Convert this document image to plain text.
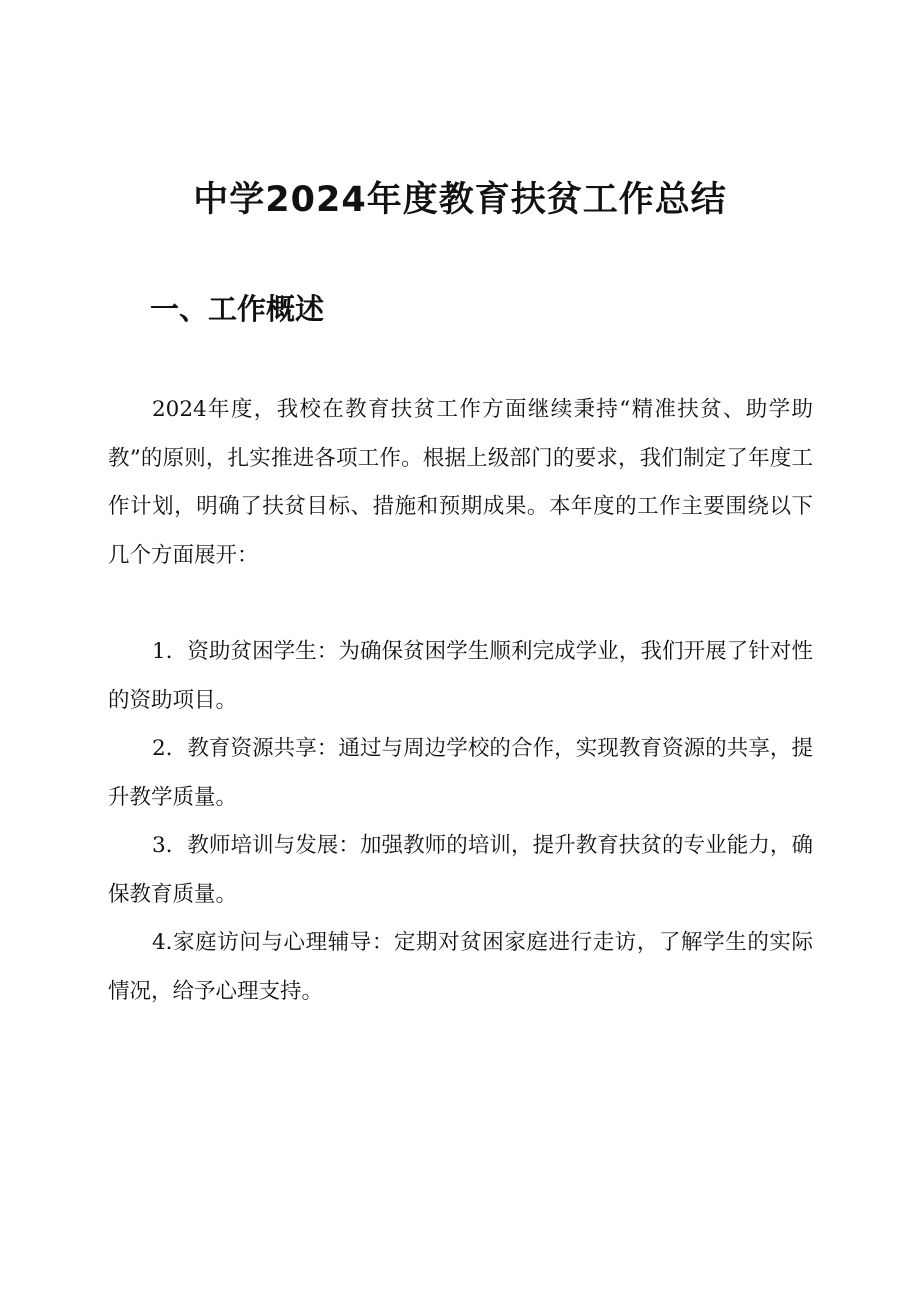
中学2024年度教育扶贫工作总结
一、工作概述

2024年度，我校在教育扶贫工作方面继续秉持“精准扶贫、助学助教”的原则，扎实推进各项工作。根据上级部门的要求，我们制定了年度工作计划，明确了扶贫目标、措施和预期成果。本年度的工作主要围绕以下几个方面展开：

1．资助贫困学生：为确保贫困学生顺利完成学业，我们开展了针对性的资助项目。

2．教育资源共享：通过与周边学校的合作，实现教育资源的共享，提升教学质量。

3．教师培训与发展：加强教师的培训，提升教育扶贫的专业能力，确保教育质量。

4.家庭访问与心理辅导：定期对贫困家庭进行走访，了解学生的实际情况，给予心理支持。
